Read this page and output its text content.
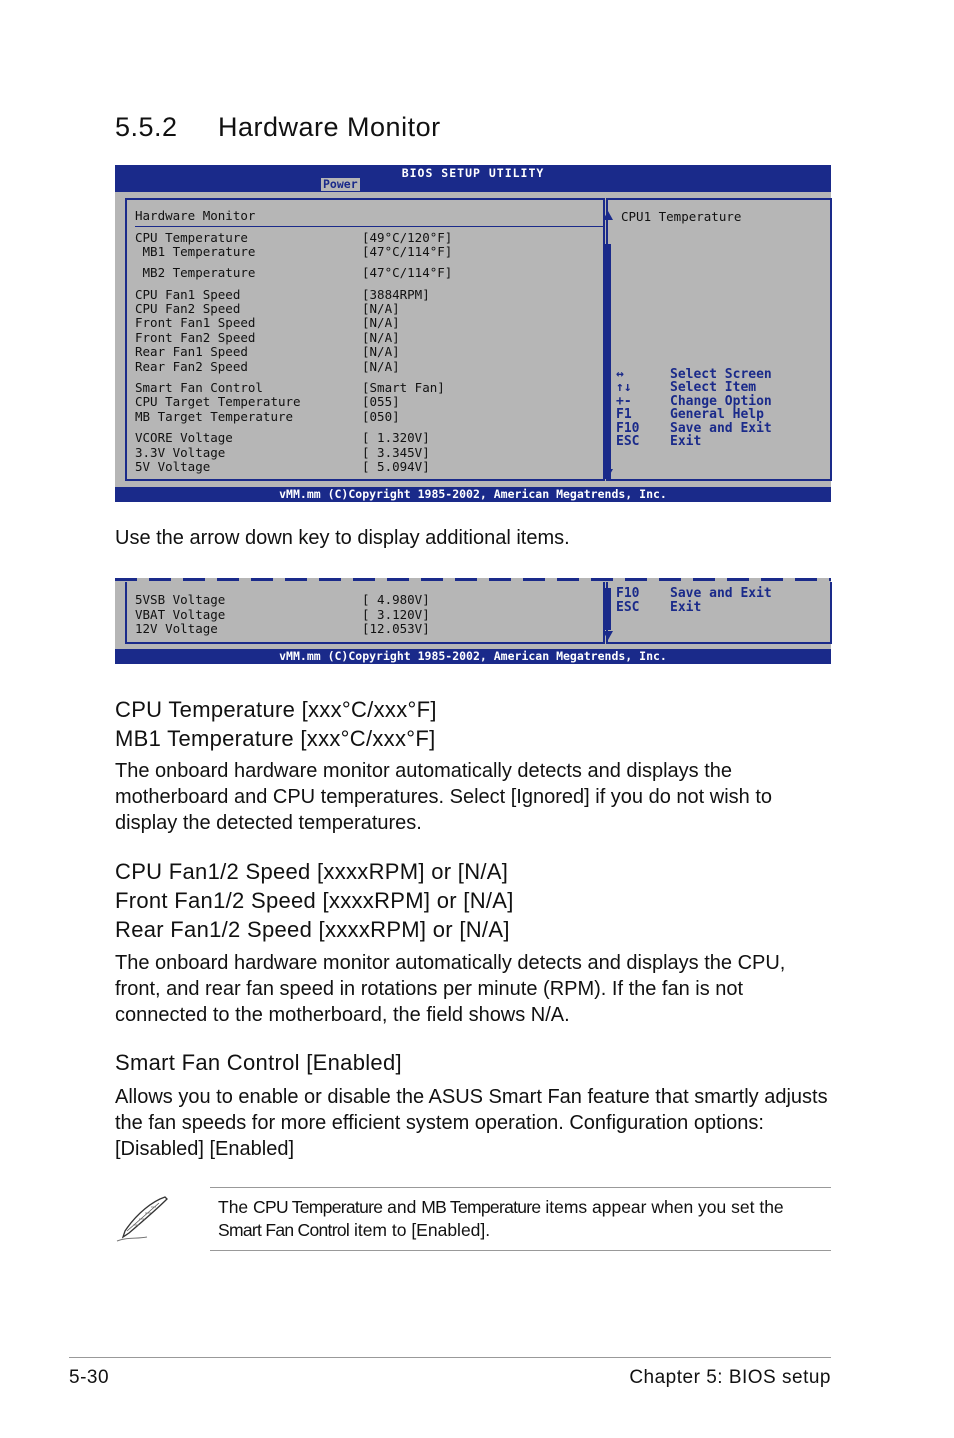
5.5.2 Hardware Monitor
BIOS SETUP UTILITY
Power
Hardware Monitor
CPU Temperature	[49°C/120°F]
MB1 Temperature	[47°C/114°F]
MB2 Temperature	[47°C/114°F]
CPU Fan1 Speed	[3884RPM]
CPU Fan2 Speed	[N/A]
Front Fan1 Speed	[N/A]
Front Fan2 Speed	[N/A]
Rear Fan1 Speed	[N/A]
Rear Fan2 Speed	[N/A]
Smart Fan Control	[Smart Fan]
CPU Target Temperature	[055]
MB Target Temperature	[050]
VCORE Voltage	[ 1.320V]
3.3V Voltage	[ 3.345V]
5V Voltage	[ 5.094V]
CPU1 Temperature
↔	Select Screen
↑↓	Select Item
+-	Change Option
F1	General Help
F10 Save and Exit
ESC Exit
vMM.mm (C)Copyright 1985-2002, American Megatrends, Inc.
Use the arrow down key to display additional items.
5VSB Voltage	[ 4.980V]
VBAT Voltage	[ 3.120V]
12V Voltage	[12.053V]
F10 Save and Exit
ESC Exit
vMM.mm (C)Copyright 1985-2002, American Megatrends, Inc.
CPU Temperature [xxx°C/xxx°F]
MB1 Temperature [xxx°C/xxx°F]
The onboard hardware monitor automatically detects and displays the motherboard and CPU temperatures. Select [Ignored] if you do not wish to display the detected temperatures.
CPU Fan1/2 Speed [xxxxRPM] or [N/A]
Front Fan1/2 Speed [xxxxRPM] or [N/A]
Rear Fan1/2 Speed [xxxxRPM] or [N/A]
The onboard hardware monitor automatically detects and displays the CPU, front, and rear fan speed in rotations per minute (RPM). If the fan is not connected to the motherboard, the field shows N/A.
Smart Fan Control [Enabled]
Allows you to enable or disable the ASUS Smart Fan feature that smartly adjusts the fan speeds for more efficient system operation. Configuration options: [Disabled] [Enabled]
The CPU Temperature and MB Temperature items appear when you set the Smart Fan Control item to [Enabled].
5-30	Chapter 5: BIOS setup
